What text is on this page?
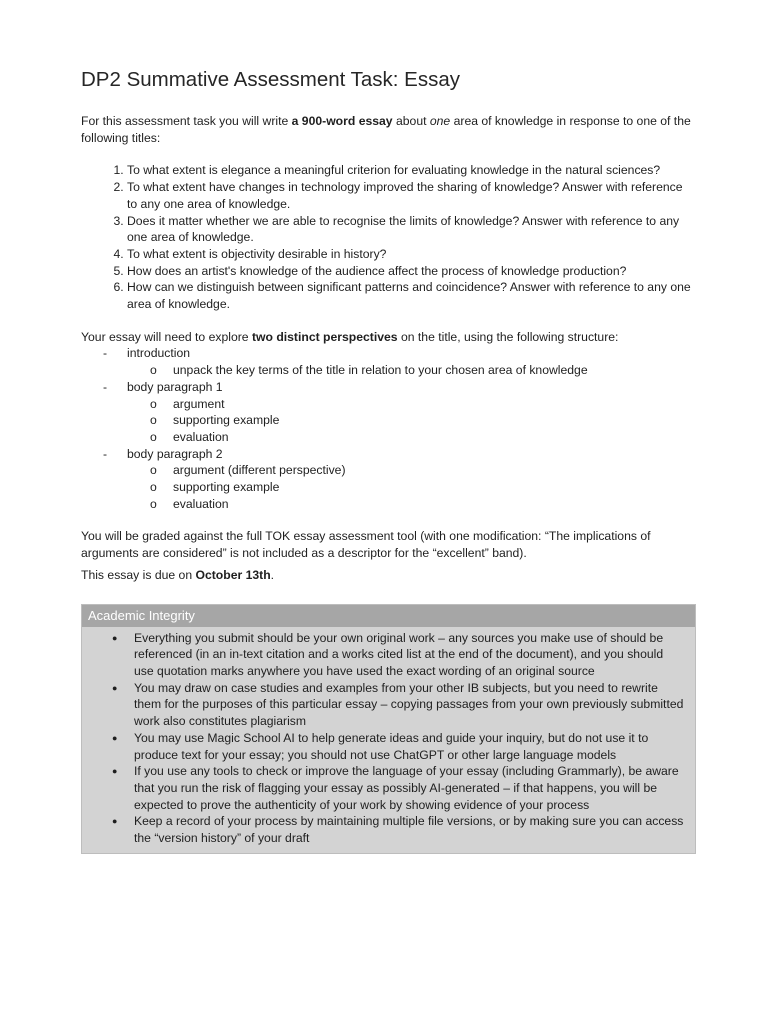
DP2 Summative Assessment Task: Essay

For this assessment task you will write a 900-word essay about one area of knowledge in response to one of the following titles:

1. To what extent is elegance a meaningful criterion for evaluating knowledge in the natural sciences?
2. To what extent have changes in technology improved the sharing of knowledge? Answer with reference to any one area of knowledge.
3. Does it matter whether we are able to recognise the limits of knowledge? Answer with reference to any one area of knowledge.
4. To what extent is objectivity desirable in history?
5. How does an artist's knowledge of the audience affect the process of knowledge production?
6. How can we distinguish between significant patterns and coincidence? Answer with reference to any one area of knowledge.

Your essay will need to explore two distinct perspectives on the title, using the following structure:

- introduction
o unpack the key terms of the title in relation to your chosen area of knowledge
- body paragraph 1
o argument
o supporting example
o evaluation
- body paragraph 2
o argument (different perspective)
o supporting example
o evaluation

You will be graded against the full TOK essay assessment tool (with one modification: “The implications of arguments are considered” is not included as a descriptor for the “excellent” band).

This essay is due on October 13th.

Academic Integrity
● Everything you submit should be your own original work – any sources you make use of should be referenced (in an in-text citation and a works cited list at the end of the document), and you should use quotation marks anywhere you have used the exact wording of an original source
● You may draw on case studies and examples from your other IB subjects, but you need to rewrite them for the purposes of this particular essay – copying passages from your own previously submitted work also constitutes plagiarism
● You may use Magic School AI to help generate ideas and guide your inquiry, but do not use it to produce text for your essay; you should not use ChatGPT or other large language models
● If you use any tools to check or improve the language of your essay (including Grammarly), be aware that you run the risk of flagging your essay as possibly AI-generated – if that happens, you will be expected to prove the authenticity of your work by showing evidence of your process
● Keep a record of your process by maintaining multiple file versions, or by making sure you can access the “version history” of your draft
